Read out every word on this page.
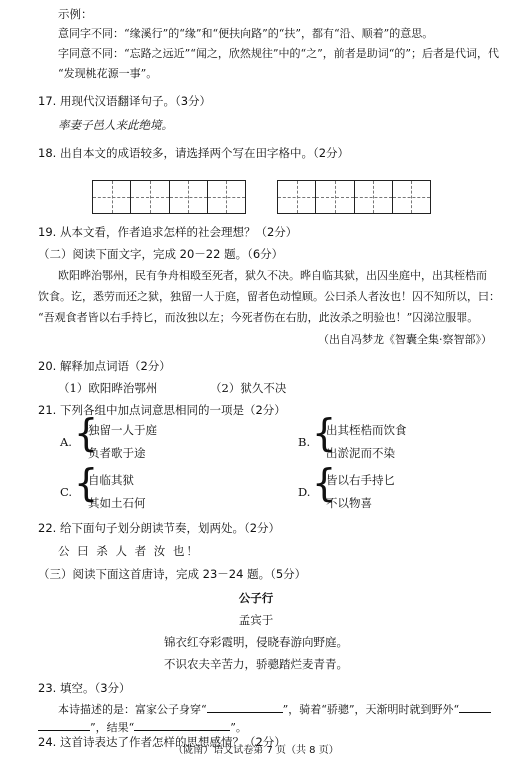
示例：
意同字不同：“缘溪行”的“缘”和“便扶向路”的“扶”，都有“沿、顺着”的意思。
字同意不同：“忘路之远近”“闻之，欣然规往”中的“之”，前者是助词“的”；后者是代词，代
“发现桃花源一事”。
17. 用现代汉语翻译句子。（3分）
率妻子邑人来此绝境。
18. 出自本文的成语较多，请选择两个写在田字格中。（2分）
19. 从本文看，作者追求怎样的社会理想？（2分）
（二）阅读下面文字，完成 20－22 题。（6分）
欧阳晔治鄂州，民有争舟相殴至死者，狱久不决。晔自临其狱，出囚坐庭中，出其桎梏而
饮食。讫，悉劳而还之狱，独留一人于庭，留者色动惶顾。公曰杀人者汝也！囚不知所以，曰：
“吾观食者皆以右手持匕，而汝独以左；今死者伤在右肋，此汝杀之明验也！”囚涕泣服罪。
（出自冯梦龙《智囊全集·察智部》）
20. 解释加点词语（2分）
（1）欧阳晔治鄂州	（2）狱久不决
21. 下列各组中加点词意思相同的一项是（2分）
A. {
独留一人于庭
负者歌于途
B. {
出其桎梏而饮食
出淤泥而不染
C. {
自临其狱
其如土石何
D. {
皆以右手持匕
不以物喜
22. 给下面句子划分朗读节奏，划两处。（2分）
公 曰 杀 人 者 汝 也！
（三）阅读下面这首唐诗，完成 23－24 题。（5分）
公子行
孟宾于
锦衣红夺彩霞明，侵晓春游向野庭。
不识农夫辛苦力，骄骢踏烂麦青青。
23. 填空。（3分）
本诗描述的是：富家公子身穿“	”，骑着“骄骢”，天渐明时就到野外“
”，结果“	”。
24. 这首诗表达了作者怎样的思想感情？（2分）
（陇南）语文试卷第 7 页（共 8 页）
